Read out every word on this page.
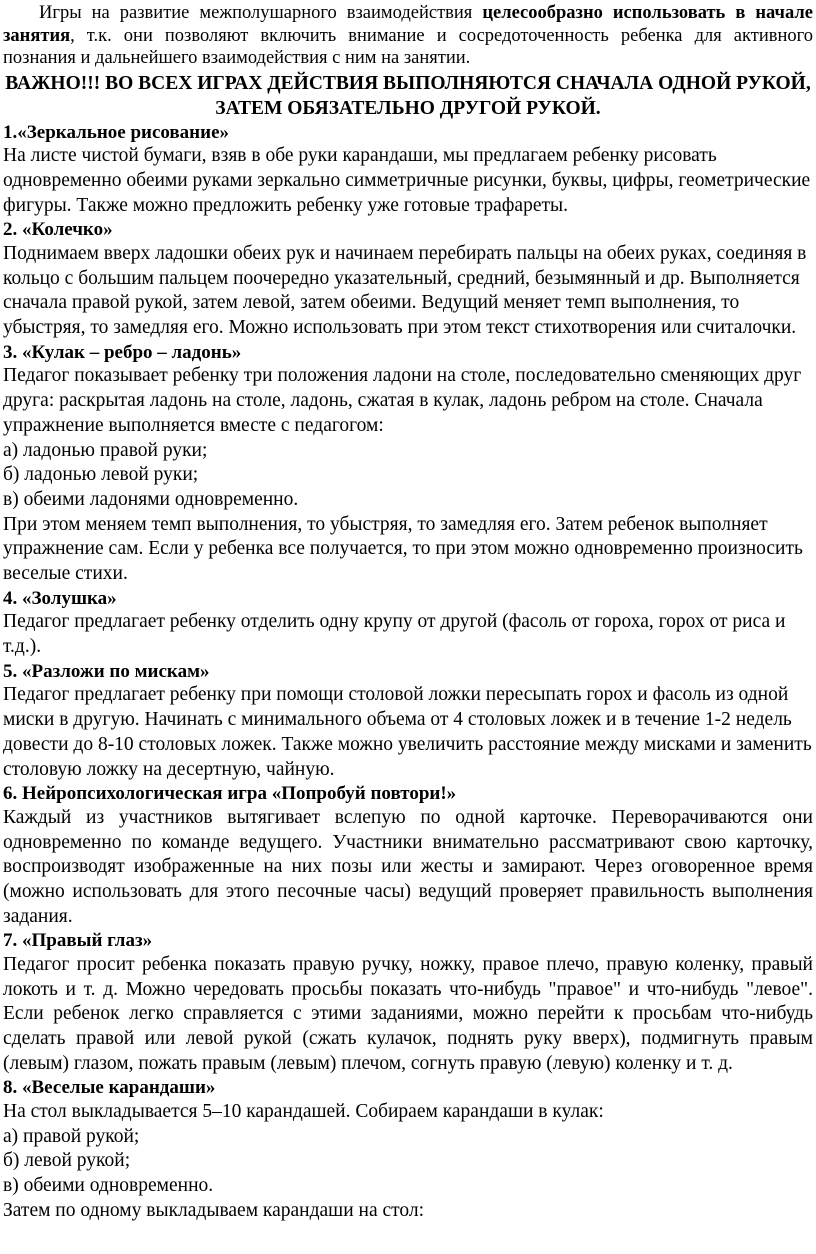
Игры на развитие межполушарного взаимодействия целесообразно использовать в начале занятия, т.к. они позволяют включить внимание и сосредоточенность ребенка для активного познания и дальнейшего взаимодействия с ним на занятии.

ВАЖНО!!! ВО ВСЕХ ИГРАХ ДЕЙСТВИЯ ВЫПОЛНЯЮТСЯ СНАЧАЛА ОДНОЙ РУКОЙ, ЗАТЕМ ОБЯЗАТЕЛЬНО ДРУГОЙ РУКОЙ.

1.«Зеркальное рисование»

На листе чистой бумаги, взяв в обе руки карандаши, мы предлагаем ребенку рисовать одновременно обеими руками зеркально симметричные рисунки, буквы, цифры, геометрические фигуры. Также можно предложить ребенку уже готовые трафареты.

2. «Колечко»

Поднимаем вверх ладошки обеих рук и начинаем перебирать пальцы на обеих руках, соединяя в кольцо с большим пальцем поочередно указательный, средний, безымянный и др. Выполняется сначала правой рукой, затем левой, затем обеими. Ведущий меняет темп выполнения, то убыстряя, то замедляя его. Можно использовать при этом текст стихотворения или считалочки.

3. «Кулак – ребро – ладонь»

Педагог показывает ребенку три положения ладони на столе, последовательно сменяющих друг друга: раскрытая ладонь на столе, ладонь, сжатая в кулак, ладонь ребром на столе. Сначала упражнение выполняется вместе с педагогом:

а) ладонью правой руки;

б) ладонью левой руки;

в) обеими ладонями одновременно.

При этом меняем темп выполнения, то убыстряя, то замедляя его. Затем ребенок выполняет упражнение сам. Если у ребенка все получается, то при этом можно одновременно произносить веселые стихи.

4. «Золушка»

Педагог предлагает ребенку отделить одну крупу от другой (фасоль от гороха, горох от риса и т.д.).

5. «Разложи по мискам»

Педагог предлагает ребенку при помощи столовой ложки пересыпать горох и фасоль из одной миски в другую. Начинать с минимального объема от 4 столовых ложек и в течение 1-2 недель довести до 8-10 столовых ложек. Также можно увеличить расстояние между мисками и заменить столовую ложку на десертную, чайную.

6. Нейропсихологическая игра «Попробуй повтори!»

Каждый из участников вытягивает вслепую по одной карточке. Переворачиваются они одновременно по команде ведущего. Участники внимательно рассматривают свою карточку, воспроизводят изображенные на них позы или жесты и замирают. Через оговоренное время (можно использовать для этого песочные часы) ведущий проверяет правильность выполнения задания.

7. «Правый глаз»

Педагог просит ребенка показать правую ручку, ножку, правое плечо, правую коленку, правый локоть и т. д. Можно чередовать просьбы показать что-нибудь "правое" и что-нибудь "левое". Если ребенок легко справляется с этими заданиями, можно перейти к просьбам что-нибудь сделать правой или левой рукой (сжать кулачок, поднять руку вверх), подмигнуть правым (левым) глазом, пожать правым (левым) плечом, согнуть правую (левую) коленку и т. д.

8. «Веселые карандаши»

На стол выкладывается 5–10 карандашей. Собираем карандаши в кулак:

а) правой рукой;

б) левой рукой;

в) обеими одновременно.

Затем по одному выкладываем карандаши на стол:
